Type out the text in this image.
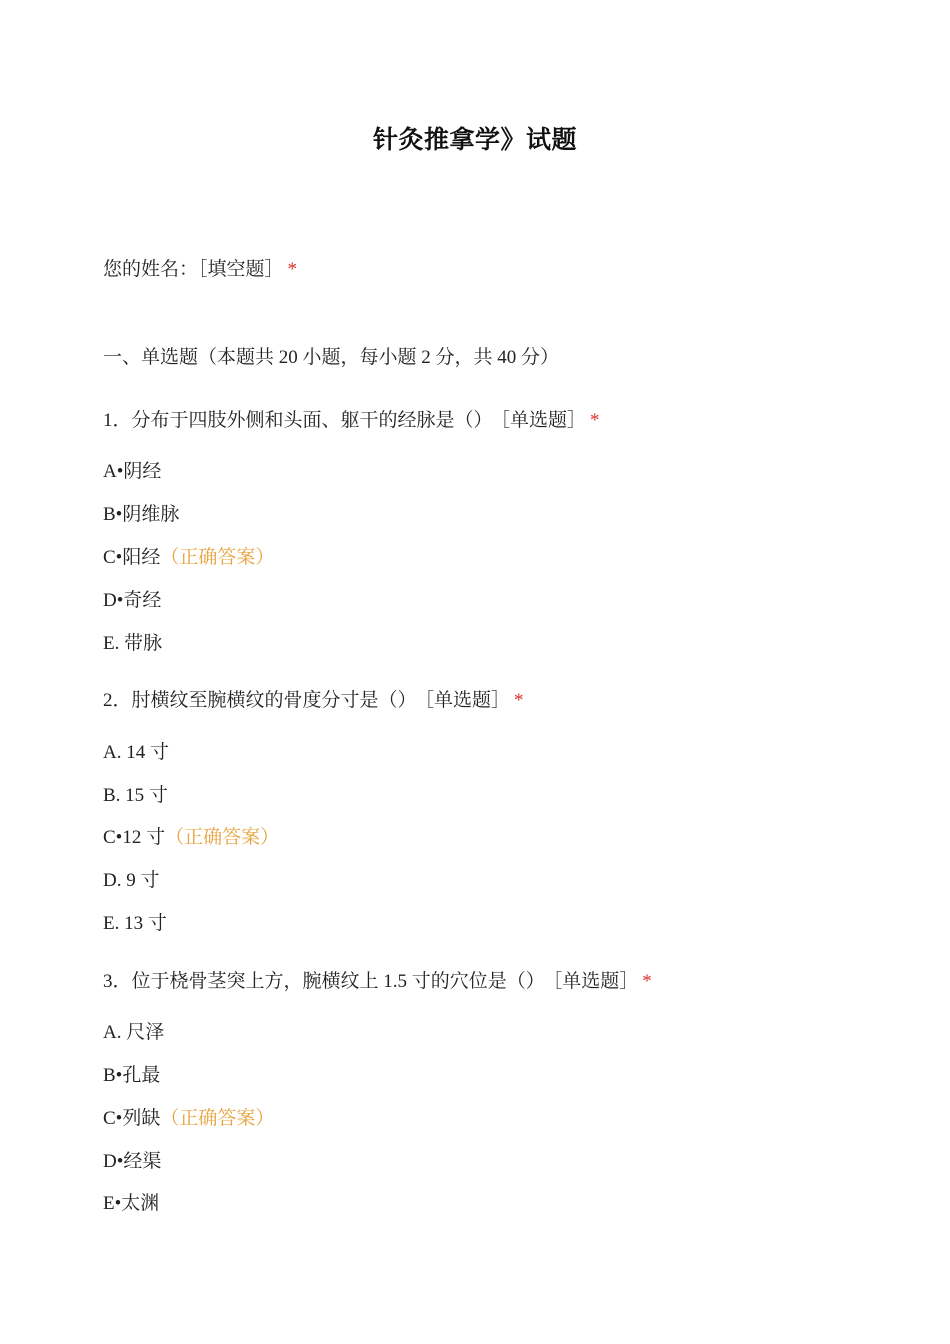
针灸推拿学》试题
您的姓名：［填空题］ *
一、单选题（本题共 20 小题，每小题 2 分，共 40 分）
1．分布于四肢外侧和头面、躯干的经脉是（） ［单选题］ *
A•阴经
B•阴维脉
C•阳经（正确答案）
D•奇经
E. 带脉
2．肘横纹至腕横纹的骨度分寸是（） ［单选题］ *
A. 14 寸
B. 15 寸
C•12 寸（正确答案）
D. 9 寸
E. 13 寸
3．位于桡骨茎突上方，腕横纹上 1.5 寸的穴位是（） ［单选题］ *
A. 尺泽
B•孔最
C•列缺（正确答案）
D•经渠
E•太渊
